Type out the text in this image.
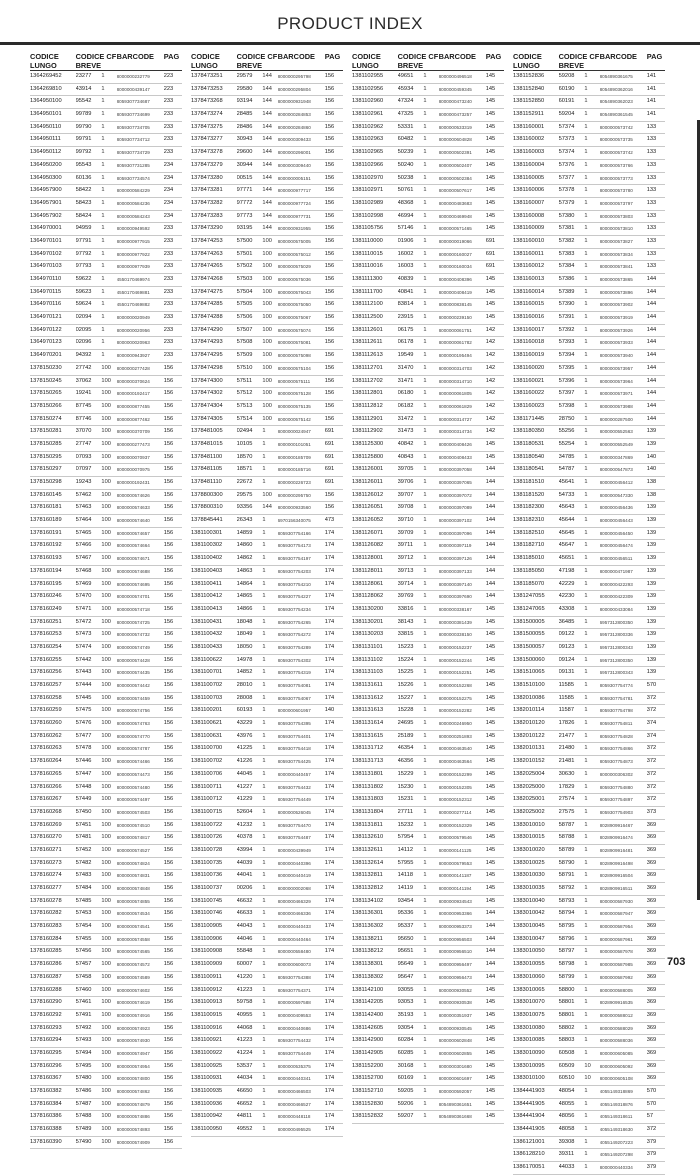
PRODUCT INDEX
CODICE	CODICE CF BARCODE	PAG
LUNGO	BREVE
1364269452	23277	1	8000000232779	223
1364269810	43914	1	8000000439147	223
1364950100	95542	1	8059307734687	233
1364950101	99789	1	8059307734699	233
1364950110	99790	1	8059307734705	233
1364950111	99791	1	8059307734712	233
1364950112	99792	1	8059307734729	233
1364950200	95543	1	8059307731285	234
1364950300	60136	1	8059307734574	234
1364957900	58422	1	8000000584229	234
1364957901	58423	1	8000000584236	234
1364957902	58424	1	8000000584243	234
1364970001	94959	1	8000000949592	233
1364970101	97791	1	8000000977915	233
1364970102	97792	1	8000000977922	233
1364970103	97793	1	8000000977939	233
1364970110	59622	1	4550170469974	233
1364970115	59623	1	4550170469881	233
1364970116	59624	1	4550170469882	233
1364970121	02094	1	8000000020949	233
1364970122	02095	1	8000000020956	233
1364970123	02096	1	8000000020963	233
1364970201	94392	1	8000000943927	233
1378150230	27742	100	8000000277428	156
1378150245	37062	100	8000000370624	156
1378150265	19241	100	8000000192417	156
1378150266	87745	100	8000000877455	156
1378150274	87746	100	8000000877462	156
1378150281	37070	100	8000000370709	156
1378150285	27747	100	8000000277473	156
1378150295	07093	100	8000000070937	156
1378150297	07097	100	8000000070975	156
1378150298	19243	100	8000000192431	156
1378160145	57462	100	8000000574626	156
1378160181	57463	100	8000000574633	156
1378160189	57464	100	8000000574640	156
1378160191	57465	100	8000000574657	156
1378160192	57466	100	8000000574664	156
1378160193	57467	100	8000000574671	156
1378160194	57468	100	8000000574688	156
1378160195	57469	100	8000000574695	156
1378160246	57470	100	8000000574701	156
1378160249	57471	100	8000000574718	156
1378160251	57472	100	8000000574725	156
1378160253	57473	100	8000000574732	156
1378160254	57474	100	8000000574749	156
1378160255	57442	100	8000000574428	156
1378160256	57443	100	8000000574435	156
1378160257	57444	100	8000000574442	156
1378160258	57445	100	8000000574459	156
1378160259	57475	100	8000000574756	156
1378160260	57476	100	8000000574763	156
1378160262	57477	100	8000000574770	156
1378160263	57478	100	8000000574787	156
1378160264	57446	100	8000000574466	156
1378160265	57447	100	8000000574473	156
1378160266	57448	100	8000000574480	156
1378160267	57449	100	8000000574497	156
1378160268	57450	100	8000000574503	156
1378160269	57451	100	8000000574510	156
1378160270	57481	100	8000000574817	156
1378160271	57452	100	8000000574527	156
1378160273	57482	100	8000000574824	156
1378160274	57483	100	8000000574831	156
1378160277	57484	100	8000000574848	156
1378160278	57485	100	8000000574855	156
1378160282	57453	100	8000000574534	156
1378160283	57454	100	8000000574541	156
1378160284	57455	100	8000000574558	156
1378160285	57456	100	8000000574565	156
1378160286	57457	100	8000000574572	156
1378160287	57458	100	8000000574589	156
1378160288	57460	100	8000000574602	156
1378160290	57461	100	8000000574619	156
1378160292	57491	100	8000000574916	156
1378160293	57492	100	8000000574923	156
1378160294	57493	100	8000000574930	156
1378160295	57494	100	8000000574947	156
1378160296	57495	100	8000000574954	156
1378160367	57480	100	8000000574800	156
1378160382	57486	100	8000000574862	156
1378160384	57487	100	8000000574879	156
1378160386	57488	100	8000000574886	156
1378160388	57489	100	8000000574893	156
1378160390	57490	100	8000000574909	156
CODICE	CODICE CF BARCODE	PAG
LUNGO	BREVE
1378473251	29579	144	8000000295798	156
1378473253	29580	144	8000000295804	156
1378473268	93194	144	8000000931948	156
1378473274	28485	144	8000000284853	156
1378473275	28486	144	8000000284860	156
1378473277	30943	144	8000000309433	156
1378473278	29600	144	8000000296001	156
1378473279	30944	144	8000000309440	156
1378473280	00515	144	8000000005151	156
1378473281	97771	144	8000000977717	156
1378473282	97772	144	8000000977724	156
1378473283	97773	144	8000000977731	156
1378473290	93195	144	8000000931955	156
1378474253	57500	100	8000000575005	156
1378474263	57501	100	8000000575012	156
1378474265	57502	100	8000000575029	156
1378474268	57503	100	8000000575036	156
1378474275	57504	100	8000000575043	156
1378474285	57505	100	8000000575050	156
1378474288	57506	100	8000000575067	156
1378474290	57507	100	8000000575074	156
1378474293	57508	100	8000000575081	156
1378474295	57509	100	8000000575098	156
1378474298	57510	100	8000000575104	156
1378474300	57511	100	8000000575111	156
1378474302	57512	100	8000000575128	156
1378474304	57513	100	8000000575135	156
1378474305	57514	100	8000000575142	156
1378481005	02494	1	8000000024947	691
1378481015	10105	1	8000000101051	691
1378481100	18570	1	8000000185709	691
1378481105	18571	1	8000000185716	691
1378481110	22672	1	8000000226723	691
1378800300	29575	100	8000000295750	156
1378800310	93356	144	8000000933560	156
1378845441	26343	1	6970156340075	473
1381100301	14859	1	8059307754166	174
1381100302	14860	1	8059307754173	174
1381100402	14862	1	8059307754197	174
1381100403	14863	1	8059307754203	174
1381100411	14864	1	8059307754210	174
1381100412	14865	1	8059307754227	174
1381100413	14866	1	8059307754234	174
1381100431	18048	1	8059307754265	174
1381100432	18049	1	8059307754272	174
1381100433	18050	1	8059307754289	174
1381100622	14978	1	8059307754302	174
1381100701	14852	1	8059307754319	174
1381100702	28010	1	8059307754081	174
1381100703	28008	1	8059307754067	174
1381100201	60193	1	8000000601957	140
1381100621	43229	1	8059307754395	174
1381100631	43976	1	8059307754401	174
1381100700	41225	1	8059307754418	174
1381100702	41226	1	8059307754425	174
1381100706	44045	1	8000000440457	174
1381100711	41227	1	8059307754432	174
1381100712	41229	1	8059307754449	174
1381100715	52604	1	8000000526045	174
1381100722	41232	1	8059307754470	174
1381100726	40378	1	8059307754487	174
1381100728	43994	1	8000000439949	174
1381100735	44039	1	8000000440396	174
1381100736	44041	1	8000000440419	174
1381100737	00206	1	8000000002068	174
1381100745	46632	1	8000000466329	174
1381100746	46633	1	8000000466336	174
1381100905	44043	1	8000000440433	174
1381100906	44046	1	8000000440464	174
1381100908	55848	1	8000000558480	174
1381100909	60007	1	8000000600073	174
1381100911	41220	1	8059307754388	174
1381100912	41223	1	8059307754371	174
1381100913	59758	1	8000000597588	174
1381100915	40955	1	8000000409553	174
1381100916	44068	1	8000000440686	174
1381100921	41223	1	8059307754432	174
1381100922	41224	1	8059307754449	174
1381100925	53537	1	8000000535375	174
1381100931	44034	1	8000000440341	174
1381100935	46650	1	8000000466503	174
1381100936	46652	1	8000000466527	174
1381100942	44811	1	8000000448118	174
1381100950	49552	1	8000000495525	174
CODICE	CODICE CF BARCODE	PAG
LUNGO	BREVE
1381102955	49651	1	8000000496518	145
1381102956	45934	1	8000000459345	145
1381102960	47324	1	8000000473240	145
1381102961	47325	1	8000000473257	145
1381102962	53331	1	8000000533319	145
1381102963	60482	1	8000000604828	145
1381102965	50239	1	8000000502391	145
1381102966	50240	1	8000000502407	145
1381102970	50238	1	8000000502384	145
1381102971	50761	1	8000000507617	145
1381102989	48368	1	8000000483683	145
1381102998	46994	1	8000000469948	145
1381105756	57146	1	8000000571465	145
1381110000	01906	1	8000000019066	691
1381110015	16002	1	8000000160027	691
1381110016	16003	1	8000000160034	691
1381111300	40839	1	8000000408396	145
1381111700	40841	1	8000000408419	145
1381112100	83814	1	8000000838145	145
1381112500	23915	1	8000000239150	145
1381112601	06175	1	8000000061751	142
1381112611	06178	1	8000000061782	142
1381112613	19549	1	8000000195494	142
1381112701	31470	1	8000000314703	142
1381112702	31471	1	8000000314710	142
1381112801	06180	1	8000000061805	142
1381112812	06182	1	8000000061829	142
1381112901	31472	1	8000000314727	142
1381112902	31473	1	8000000314734	142
1381125300	40842	1	8000000408426	145
1381125800	40843	1	8000000408433	145
1381126001	39705	1	8000000397058	144
1381126011	39706	1	8000000397065	144
1381126012	39707	1	8000000397072	144
1381126051	39708	1	8000000397089	144
1381126052	39710	1	8000000397102	144
1381126071	39709	1	8000000397096	144
1381126082	39711	1	8000000397119	144
1381128001	39712	1	8000000397126	144
1381128011	39713	1	8000000397133	144
1381128061	39714	1	8000000397140	144
1381128062	39769	1	8000000397690	144
1381130200	33816	1	8000000338167	145
1381130201	38143	1	8000000381439	145
1381130203	33815	1	8000000338150	145
1381131101	15223	1	8000000152237	145
1381131102	15224	1	8000000152244	145
1381131103	15225	1	8000000152251	145
1381131611	15226	1	8000000152268	145
1381131612	15227	1	8000000152275	145
1381131613	15228	1	8000000152282	145
1381131614	24695	1	8000000246950	145
1381131615	25189	1	8000000251893	145
1381131712	46354	1	8000000463540	145
1381131713	46356	1	8000000463564	145
1381131801	15229	1	8000000152299	145
1381131802	15230	1	8000000152305	145
1381131803	15231	1	8000000152312	145
1381131804	27711	1	8000000277114	145
1381131811	15232	1	8000000152329	145
1381132610	57954	1	8000000579546	145
1381132611	14112	1	8000000141125	145
1381132614	57955	1	8000000579553	145
1381132811	14118	1	8000000141187	145
1381132812	14119	1	8000000141194	145
1381134102	93454	1	8000000934543	145
1381136301	95336	1	8000000953366	144
1381136302	95337	1	8000000953373	144
1381138211	95650	1	8000000956503	144
1381138212	95651	1	8000000956510	144
1381138301	95649	1	8000000956497	144
1381138302	95647	1	8000000956473	144
1381142100	93055	1	8000000930552	145
1381142205	93053	1	8000000930538	145
1381142400	35193	1	8000000351937	145
1381142605	93054	1	8000000930545	145
1381142900	60284	1	8000000602848	145
1381142905	60285	1	8000000602855	145
1381152200	30168	1	8000000301680	145
1381152700	60169	1	8000000601697	145
1381152710	59205	1	8000000592057	145
1381152830	59206	1	8054890361651	145
1381152832	59207	1	8054890361668	145
CODICE	CODICE CF BARCODE	PAG
LUNGO	BREVE
1381152836	59208	1	8054890361675	141
1381152840	60190	1	8054890362016	141
1381152850	60191	1	8054890362023	141
1381152911	59204	1	8054890361545	141
1381160001	57374	1	8000000573742	133
1381160002	57373	1	8000000573735	133
1381160003	57374	1	8000000573742	133
1381160004	57376	1	8000000573766	133
1381160005	57377	1	8000000573773	133
1381160006	57378	1	8000000573780	133
1381160007	57379	1	8000000573797	133
1381160008	57380	1	8000000573803	133
1381160009	57381	1	8000000573810	133
1381160010	57382	1	8000000573827	133
1381160011	57383	1	8000000573834	133
1381160012	57384	1	8000000573841	133
1381160013	57386	1	8000000573865	144
1381160014	57389	1	8000000573896	144
1381160015	57390	1	8000000573902	144
1381160016	57391	1	8000000573919	144
1381160017	57392	1	8000000573926	144
1381160018	57393	1	8000000573933	144
1381160019	57394	1	8000000573940	144
1381160020	57395	1	8000000573957	144
1381160021	57396	1	8000000573964	144
1381160022	57397	1	8000000573971	144
1381160023	57398	1	8000000573988	144
1381171445	28750	1	8000000287500	144
1381180350	55256	1	8000000552563	139
1381180531	55254	1	8000000552549	139
1381180540	34785	1	8000000347869	140
1381180541	54787	1	8000000547873	140
1381181510	45641	1	8000000456412	138
1381181520	54733	1	8000000547330	138
1381182300	45643	1	8000000456436	139
1381182310	45644	1	8000000456443	139
1381182510	45645	1	8000000456450	139
1381182710	45647	1	8000000456474	139
1381185010	45651	1	8000000456511	139
1381185050	47198	1	8000000471987	139
1381185070	42229	1	8000000422293	139
1381247055	42230	1	8000000422309	139
1381247065	43308	1	8000000433084	139
1381500005	36485	1	6957312800350	139
1381500055	09122	1	6957312800336	139
1381500057	09123	1	6957312800343	139
1381500060	09124	1	6957312800350	139
1381510065	09131	1	6957312800343	139
1381510100	11585	1	8059307754774	570
1382010086	11585	1	8059307754781	372
1382010114	11587	1	8059307754798	372
1382010120	17826	1	8059307754811	374
1382010122	21477	1	8059307754828	374
1382010131	21480	1	8059307754866	372
1382010152	21481	1	8059307754873	372
1382025004	30630	1	8000000306302	372
1382025000	17829	1	8059307754880	372
1382025001	27574	1	8059307754897	372
1382025002	27575	1	8059307754903	373
1383010010	58787	1	8028909916467	369
1383010015	58788	1	8028909916474	369
1383010020	58789	1	8028909916481	369
1383010025	58790	1	8028909916498	369
1383010030	58791	1	8028909916504	369
1383010035	58792	1	8028909916511	369
1383010040	58793	1	8000000587930	369
1383010042	58794	1	8000000587947	369
1383010045	58795	1	8000000587954	369
1383010047	58796	1	8000000587961	369
1383010050	58797	1	8000000587978	369
1383010055	58798	1	8000000587985	369
1383010060	58799	1	8000000587992	369
1383010065	58800	1	8000000588005	369
1383010070	58801	1	8028909916535	369
1383010075	58801	1	8000000588012	369
1383010080	58802	1	8000000588029	369
1383010085	58803	1	8000000588036	369
1383010090	60508	1	8000000605085	369
1383010095	60509	10	8000000605092	369
1383010100	60510	10	8000000605108	369
1384441903	48054	1	4055149318869	570
1384441905	48055	1	4055149318876	570
1384441904	48056	1	4055149318611	57
1384441905	48058	1	4055149318630	372
1386121001	39308	1	4055149207223	379
1386128210	39311	1	4055149207298	379
1386170051	44033	1	8000000440334	379
703
